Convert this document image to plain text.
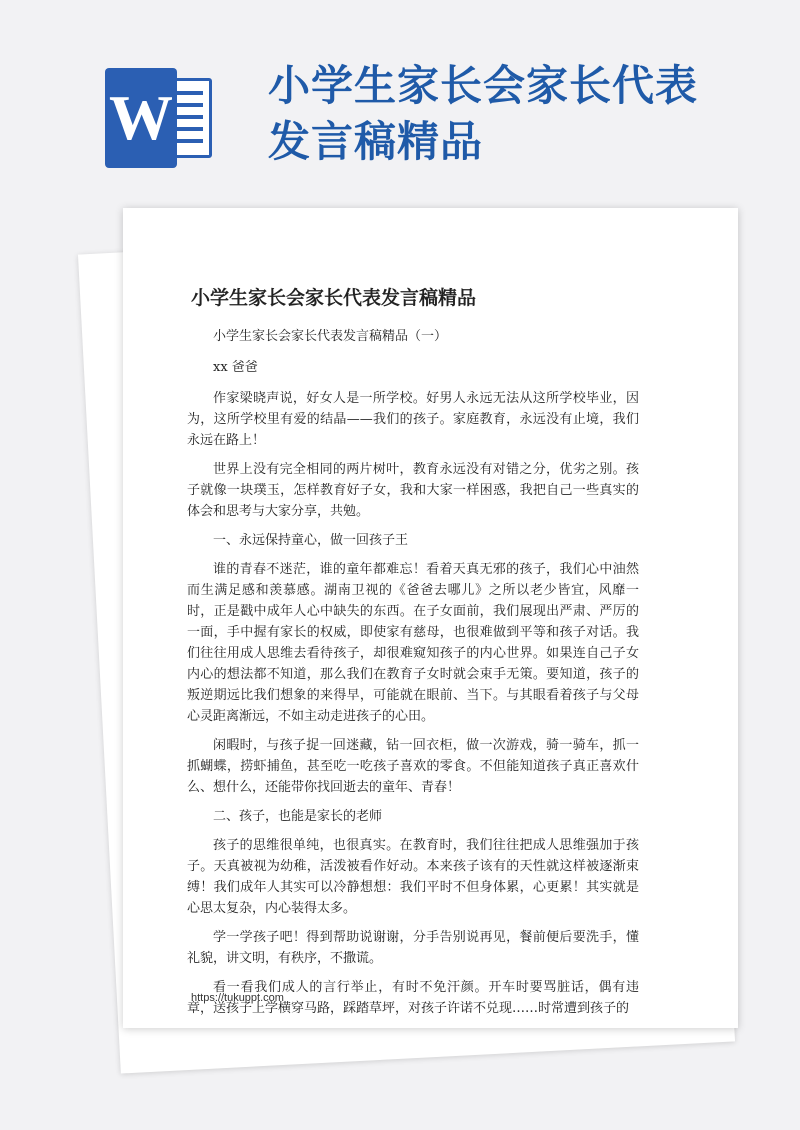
W 小学生家长会家长代表发言稿精品
小学生家长会家长代表发言稿精品

小学生家长会家长代表发言稿精品（一）

xx 爸爸

作家梁晓声说，好女人是一所学校。好男人永远无法从这所学校毕业，因为，这所学校里有爱的结晶——我们的孩子。家庭教育，永远没有止境，我们永远在路上！

世界上没有完全相同的两片树叶，教育永远没有对错之分，优劣之别。孩子就像一块璞玉，怎样教育好子女，我和大家一样困惑，我把自己一些真实的体会和思考与大家分享，共勉。

一、永远保持童心，做一回孩子王

谁的青春不迷茫，谁的童年都难忘！看着天真无邪的孩子，我们心中油然而生满足感和羡慕感。湖南卫视的《爸爸去哪儿》之所以老少皆宜，风靡一时，正是戳中成年人心中缺失的东西。在子女面前，我们展现出严肃、严厉的一面，手中握有家长的权威，即使家有慈母，也很难做到平等和孩子对话。我们往往用成人思维去看待孩子，却很难窥知孩子的内心世界。如果连自己子女内心的想法都不知道，那么我们在教育子女时就会束手无策。要知道，孩子的叛逆期远比我们想象的来得早，可能就在眼前、当下。与其眼看着孩子与父母心灵距离渐远，不如主动走进孩子的心田。

闲暇时，与孩子捉一回迷藏，钻一回衣柜，做一次游戏，骑一骑车，抓一抓蝴蝶，捞虾捕鱼，甚至吃一吃孩子喜欢的零食。不但能知道孩子真正喜欢什么、想什么，还能带你找回逝去的童年、青春！

二、孩子，也能是家长的老师

孩子的思维很单纯，也很真实。在教育时，我们往往把成人思维强加于孩子。天真被视为幼稚，活泼被看作好动。本来孩子该有的天性就这样被逐渐束缚！我们成年人其实可以冷静想想：我们平时不但身体累，心更累！其实就是心思太复杂，内心装得太多。

学一学孩子吧！得到帮助说谢谢，分手告别说再见，餐前便后要洗手，懂礼貌，讲文明，有秩序，不撒谎。

看一看我们成人的言行举止，有时不免汗颜。开车时要骂脏话，偶有违章，送孩子上学横穿马路，踩踏草坪，对孩子许诺不兑现……时常遭到孩子的

https://tukuppt.com
